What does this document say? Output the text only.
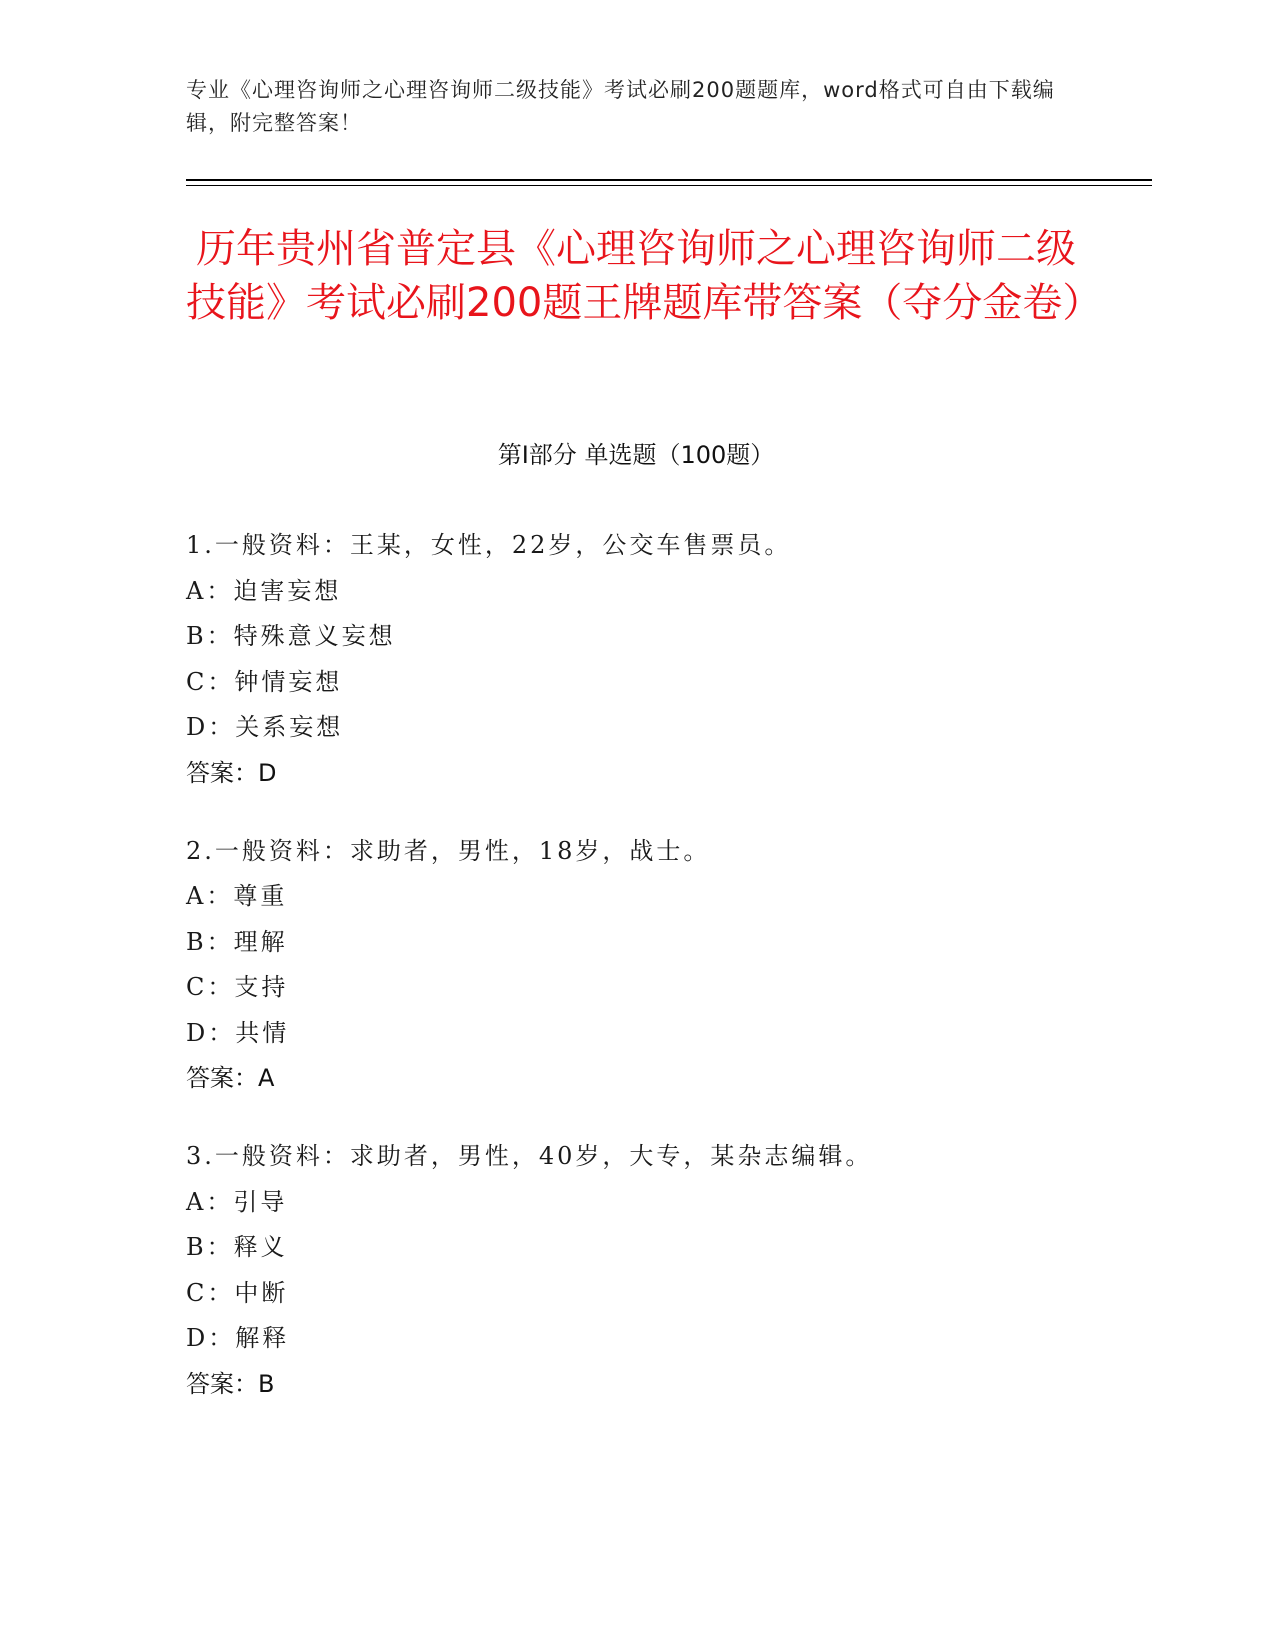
专业《心理咨询师之心理咨询师二级技能》考试必刷200题题库，word格式可自由下载编辑，附完整答案！
历年贵州省普定县《心理咨询师之心理咨询师二级技能》考试必刷200题王牌题库带答案（夺分金卷）
第Ⅰ部分 单选题（100题）
1.一般资料：王某，女性，22岁，公交车售票员。
A：迫害妄想
B：特殊意义妄想
C：钟情妄想
D：关系妄想
答案：D
2.一般资料：求助者，男性，18岁，战士。
A：尊重
B：理解
C：支持
D：共情
答案：A
3.一般资料：求助者，男性，40岁，大专，某杂志编辑。
A：引导
B：释义
C：中断
D：解释
答案：B
